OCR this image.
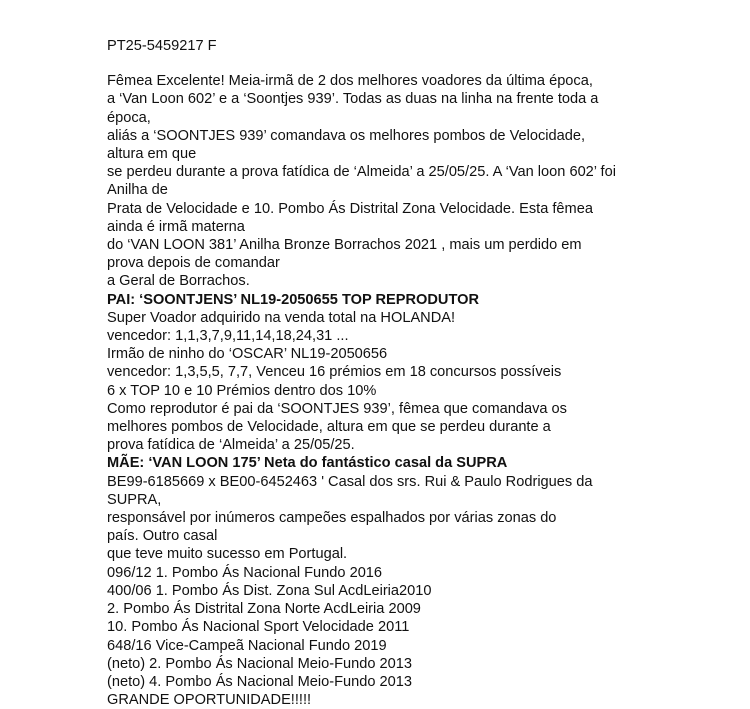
PT25-5459217 F
Fêmea Excelente! Meia-irmã de 2 dos melhores voadores da última época,
a ‘Van Loon 602’ e a ‘Soontjes 939’. Todas as duas na linha na frente toda a
época,
aliás a ‘SOONTJES 939’ comandava os melhores pombos de Velocidade,
altura em que
se perdeu durante a prova fatídica de ‘Almeida’ a 25/05/25. A ‘Van loon 602’ foi
Anilha de
Prata de Velocidade e 10. Pombo Ás Distrital Zona Velocidade. Esta fêmea
ainda é irmã materna
do ‘VAN LOON 381’ Anilha Bronze Borrachos 2021 , mais um perdido em
prova depois de comandar
a Geral de Borrachos.
PAI: ‘SOONTJENS’ NL19-2050655 TOP REPRODUTOR
Super Voador adquirido na venda total na HOLANDA!
vencedor: 1,1,3,7,9,11,14,18,24,31 ...
Irmão de ninho do ‘OSCAR’ NL19-2050656
vencedor: 1,3,5,5, 7,7, Venceu 16 prémios em 18 concursos possíveis
6 x TOP 10 e 10 Prémios dentro dos 10%
Como reprodutor é pai da ‘SOONTJES 939’, fêmea que comandava os
melhores pombos de Velocidade, altura em que se perdeu durante a
prova fatídica de ‘Almeida’ a 25/05/25.
MÃE: ‘VAN LOON 175’ Neta do fantástico casal da SUPRA
BE99-6185669 x BE00-6452463 ' Casal dos srs. Rui & Paulo Rodrigues da
SUPRA,
responsável por inúmeros campeões espalhados por várias zonas do
país. Outro casal
que teve muito sucesso em Portugal.
096/12 1. Pombo Ás Nacional Fundo 2016
400/06 1. Pombo Ás Dist. Zona Sul AcdLeiria2010
2. Pombo Ás Distrital Zona Norte AcdLeiria 2009
10. Pombo Ás Nacional Sport Velocidade 2011
648/16 Vice-Campeã Nacional Fundo 2019
(neto) 2. Pombo Ás Nacional Meio-Fundo 2013
(neto) 4. Pombo Ás Nacional Meio-Fundo 2013
GRANDE OPORTUNIDADE!!!!!
